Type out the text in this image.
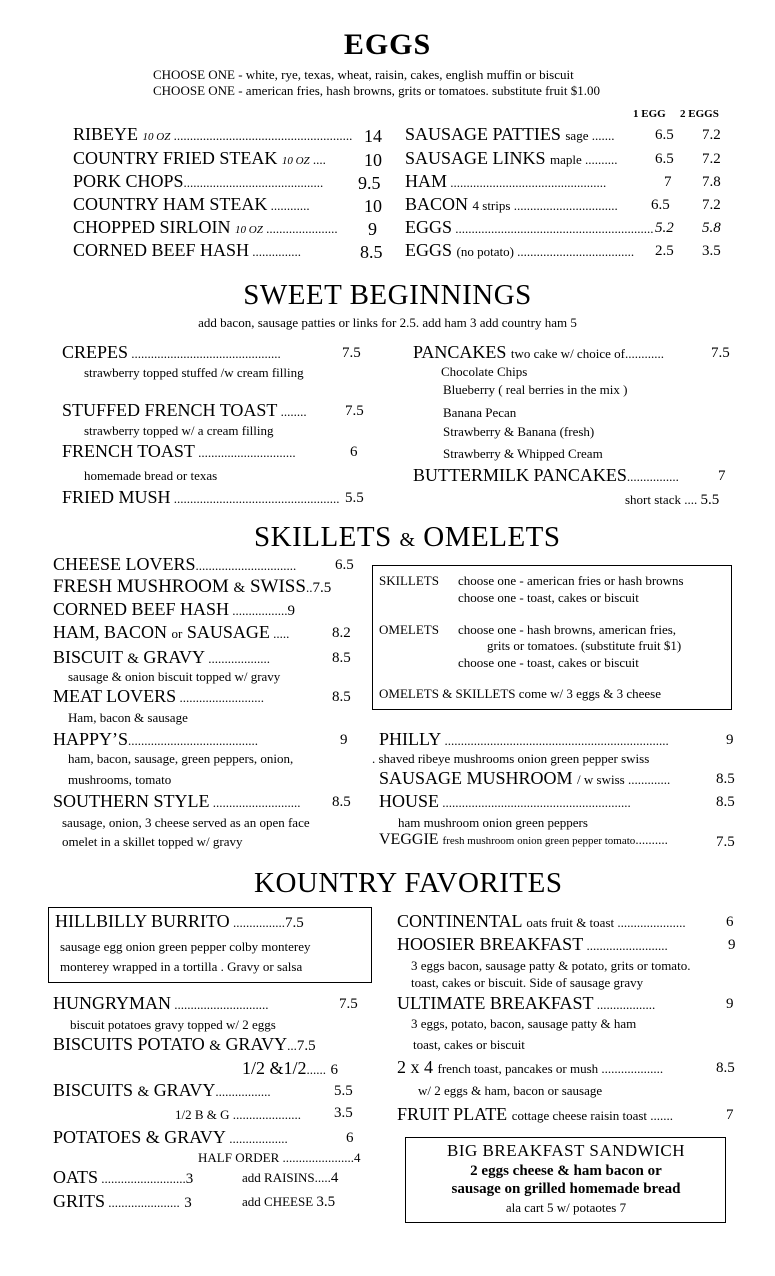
EGGS
CHOOSE ONE - white, rye, texas, wheat, raisin, cakes, english muffin or biscuit
CHOOSE ONE - american fries, hash browns, grits or tomatoes. substitute fruit $1.00
1 EGG 2 EGGS
RIBEYE 10 OZ ....................................................... 14
COUNTRY FRIED STEAK 10 OZ .... 10
PORK CHOPS........................................... 9.5
COUNTRY HAM STEAK ............	10
CHOPPED SIRLOIN 10 OZ ...................... 9
CORNED BEEF HASH ...............	8.5
SAUSAGE PATTIES sage .......	6.5 7.2
SAUSAGE LINKS maple .......... 6.5 7.2
HAM ................................................	7 7.8
BACON 4 strips ................................ 6.5 7.2
EGGS ............................................................. 5.2 5.8
EGGS (no potato) .................................... 2.5 3.5
SWEET BEGINNINGS
add bacon, sausage patties or links for 2.5. add ham 3 add country ham 5
CREPES ..............................................	7.5
strawberry topped stuffed /w cream filling
STUFFED FRENCH TOAST ........	7.5
strawberry topped w/ a cream filling
FRENCH TOAST ..............................	6
homemade bread or texas
FRIED MUSH ................................................... 5.5
PANCAKES two cake w/ choice of............	7.5
Chocolate Chips
Blueberry ( real berries in the mix )
Banana Pecan
Strawberry & Banana (fresh)
Strawberry & Whipped Cream
BUTTERMILK PANCAKES................	7
short stack .... 5.5
SKILLETS & OMELETS
CHEESE LOVERS...............................	6.5
FRESH MUSHROOM & SWISS..7.5
CORNED BEEF HASH .................9
HAM, BACON or SAUSAGE .....	8.2
BISCUIT & GRAVY ...................	8.5
sausage & onion biscuit topped w/ gravy
MEAT LOVERS ..........................	8.5
Ham, bacon & sausage
HAPPY’S........................................	9
ham, bacon, sausage, green peppers, onion,
mushrooms, tomato
SOUTHERN STYLE ........................... 8.5
sausage, onion, 3 cheese served as an open face
omelet in a skillet topped w/ gravy
SKILLETS choose one - american fries or hash browns
choose one - toast, cakes or biscuit
OMELETS choose one - hash browns, american fries,
grits or tomatoes. (substitute fruit $1)
choose one - toast, cakes or biscuit
OMELETS & SKILLETS come w/ 3 eggs & 3 cheese
PHILLY .....................................................................	9
. shaved ribeye mushrooms onion green pepper swiss
SAUSAGE MUSHROOM / w swiss .............	8.5
HOUSE ..........................................................	8.5
ham mushroom onion green peppers
VEGGIE fresh mushroom onion green pepper tomato..........	7.5
KOUNTRY FAVORITES
HILLBILLY BURRITO ................7.5
sausage egg onion green pepper colby monterey
monterey wrapped in a tortilla . Gravy or salsa
HUNGRYMAN .............................	7.5
biscuit potatoes gravy topped w/ 2 eggs
BISCUITS POTATO & GRAVY...7.5
1/2 &1/2...... 6
BISCUITS & GRAVY.................	5.5
1/2 B & G ..................... 3.5
POTATOES & GRAVY ..................	6
HALF ORDER ......................4
OATS ..........................3	add RAISINS.....4
GRITS ...................... 3	add CHEESE 3.5
CONTINENTAL oats fruit & toast .....................	6
HOOSIER BREAKFAST .........................	9
3 eggs bacon, sausage patty & potato, grits or tomato.
toast, cakes or biscuit. Side of sausage gravy
ULTIMATE BREAKFAST ..................	9
3 eggs, potato, bacon, sausage patty & ham
toast, cakes or biscuit
2 x 4 french toast, pancakes or mush ...................	8.5
w/ 2 eggs & ham, bacon or sausage
FRUIT PLATE cottage cheese raisin toast .......	7
BIG BREAKFAST SANDWICH
2 eggs cheese & ham bacon or
sausage on grilled homemade bread
ala cart 5 w/ potaotes 7
